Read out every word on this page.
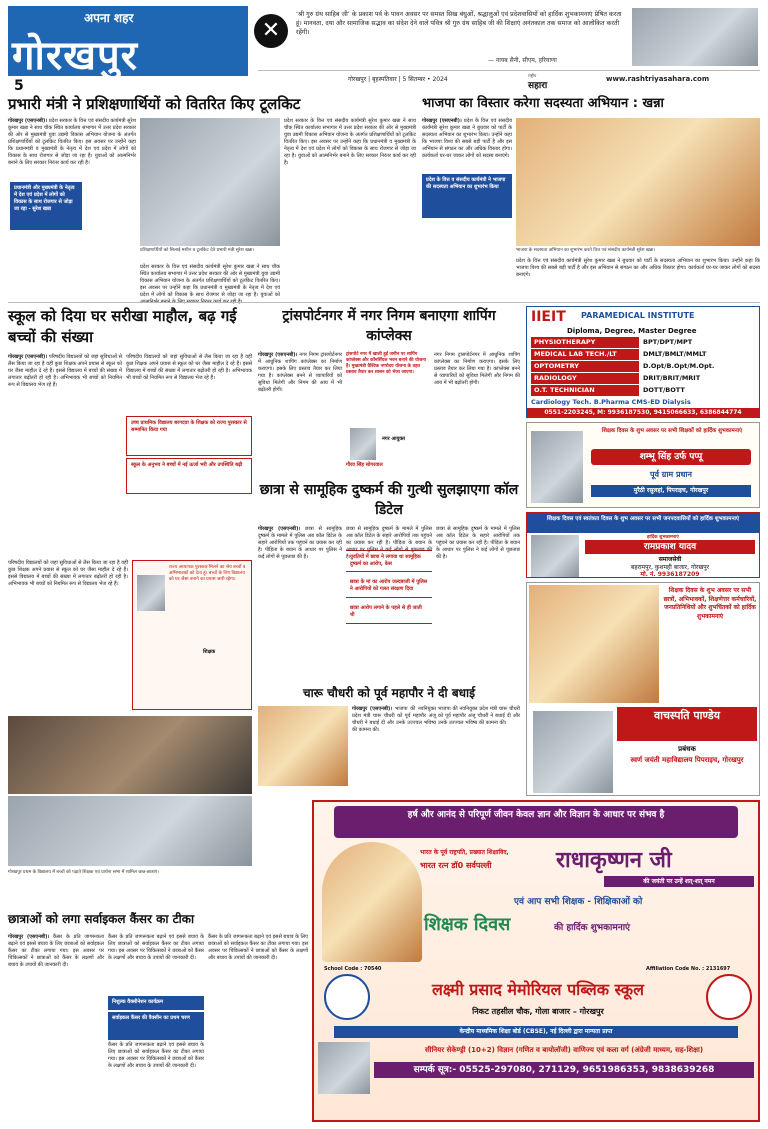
अपना शहर
गोरखपुर
5
✕
‘श्री गुरु ग्रंथ साहिब जी’ के प्रकाश पर्व के पावन अवसर पर समस्त सिख बंधुओं, श्रद्धालुओं एवं प्रदेशवासियों को हार्दिक शुभकामनाएं प्रेषित करता हूं। मानवता, दया और सामाजिक सद्भाव का संदेश देने वाले पवित्र श्री गुरु ग्रंथ साहिब जी की शिक्षाएं अनंतकाल तक समाज को आलोकित करती रहेंगी।
— नायब सैनी, सीएम, हरियाणा
गोरखपुर | बृहस्पतिवार | 5 सितम्बर • 2024
राष्ट्रीय
सहारा
www.rashtriyasahara.com
प्रभारी मंत्री ने प्रशिक्षणार्थियों को वितरित किए टूलकिट
गोरखपुर (एसएनबी)। प्रदेश सरकार के वित्त एवं संसदीय कार्यमंत्री सुरेश कुमार खन्ना ने साथ चौक स्थित कार्यालय सभागार में उत्तर प्रदेश सरकार की ओर से मुख्यमंत्री युवा उद्यमी विकास अभियान योजना के अंतर्गत प्रशिक्षणार्थियों को टूलकिट वितरित किए। इस अवसर पर उन्होंने कहा कि प्रधानमंत्री व मुख्यमंत्री के नेतृत्व में देश एवं प्रदेश में लोगों को विकास के साथ रोजगार से जोड़ा जा रहा है। युवाओं को आत्मनिर्भर बनाने के लिए सरकार निरंतर कार्य कर रही है।
प्रधानमंत्री और मुख्यमंत्री के नेतृत्व में देश एवं प्रदेश में लोगों को विकास के साथ रोजगार से जोड़ा जा रहा - सुरेश खन्ना
प्रशिक्षणार्थियों को सिलाई मशीन व टूलकिट देते प्रभारी मंत्री सुरेश खन्ना।
प्रदेश सरकार के वित्त एवं संसदीय कार्यमंत्री सुरेश कुमार खन्ना ने साथ चौक स्थित कार्यालय सभागार में उत्तर प्रदेश सरकार की ओर से मुख्यमंत्री युवा उद्यमी विकास अभियान योजना के अंतर्गत प्रशिक्षणार्थियों को टूलकिट वितरित किए। इस अवसर पर उन्होंने कहा कि प्रधानमंत्री व मुख्यमंत्री के नेतृत्व में देश एवं प्रदेश में लोगों को विकास के साथ रोजगार से जोड़ा जा रहा है। युवाओं को आत्मनिर्भर बनाने के लिए सरकार निरंतर कार्य कर रही है।
प्रदेश सरकार के वित्त एवं संसदीय कार्यमंत्री सुरेश कुमार खन्ना ने साथ चौक स्थित कार्यालय सभागार में उत्तर प्रदेश सरकार की ओर से मुख्यमंत्री युवा उद्यमी विकास अभियान योजना के अंतर्गत प्रशिक्षणार्थियों को टूलकिट वितरित किए। इस अवसर पर उन्होंने कहा कि प्रधानमंत्री व मुख्यमंत्री के नेतृत्व में देश एवं प्रदेश में लोगों को विकास के साथ रोजगार से जोड़ा जा रहा है। युवाओं को
भाजपा का विस्तार करेगा सदस्यता अभियान : खन्ना
गोरखपुर (एसएनबी)। प्रदेश के वित्त एवं संसदीय कार्यमंत्री सुरेश कुमार खन्ना ने बुधवार को पार्टी के सदस्यता अभियान का शुभारंभ किया। उन्होंने कहा कि भाजपा विश्व की सबसे बड़ी पार्टी है और इस अभियान से संगठन का और अधिक विस्तार होगा। कार्यकर्ता घर-घर जाकर लोगों को सदस्य बनाएंगे।
प्रदेश के वित्त व संसदीय कार्यमंत्री ने भाजपा की सदस्यता अभियान का शुभारंभ किया
भाजपा के सदस्यता अभियान का शुभारंभ करते वित्त एवं संसदीय कार्यमंत्री सुरेश खन्ना।
प्रदेश के वित्त एवं संसदीय कार्यमंत्री सुरेश कुमार खन्ना ने बुधवार को पार्टी के सदस्यता अभियान का शुभारंभ किया। उन्होंने कहा कि भाजपा विश्व की सबसे बड़ी पार्टी है और इस अभियान से संगठन का और अधिक विस्तार होगा। कार्यकर्ता घर-घर जाकर लोगों को सदस्य बनाएंगे।
स्कूल को दिया घर सरीखा माहौल, बढ़ गई बच्चों की संख्या
गोरखपुर (एसएनबी)। परिषदीय विद्यालयों को जहां सुविधाओं से लैस किया जा रहा है वहीं कुछ शिक्षक अपने प्रयास से स्कूल को घर जैसा माहौल दे रहे हैं। इससे विद्यालय में बच्चों की संख्या में लगातार बढ़ोतरी हो रही है। अभिभावक भी बच्चों को नियमित रूप से विद्यालय भेज रहे हैं।
परिषदीय विद्यालयों को जहां सुविधाओं से लैस किया जा रहा है वहीं कुछ शिक्षक अपने प्रयास से स्कूल को घर जैसा माहौल दे रहे हैं। इससे विद्यालय में बच्चों की संख्या में लगातार बढ़ोतरी हो रही है। अभिभावक भी बच्चों को नियमित रूप से विद्यालय भेज रहे हैं।
उच्च प्राथमिक विद्यालय बरगदवा के शिक्षक को राज्य पुरस्कार से सम्मानित किया गया
स्कूल के अनुभव ने बच्चों में नई ऊर्जा भरी और उपस्थिति बढ़ी
परिषदीय विद्यालयों को जहां सुविधाओं से लैस किया जा रहा है वहीं कुछ शिक्षक अपने प्रयास से स्कूल को घर जैसा माहौल दे रहे हैं। इससे विद्यालय में बच्चों की संख्या में लगातार बढ़ोतरी हो रही है। अभिभावक भी बच्चों को नियमित रूप से विद्यालय भेज रहे हैं।
राज्य अध्यापक पुरस्कार मिलने का श्रेय बच्चों व अभिभावकों को देता हूं। बच्चों के लिए विद्यालय को घर जैसा बनाने का प्रयास जारी रहेगा।
शिक्षक
गोरखपुर प्रथम के विद्यालय में बच्चों को पढ़ाते शिक्षक एवं प्रार्थना सभा में शामिल छात्र-छात्राएं।
ट्रांसपोर्टनगर में नगर निगम बनाएगा शापिंग कांप्लेक्स
गोरखपुर (एसएनबी)। नगर निगम ट्रांसपोर्टनगर में आधुनिक शापिंग कांप्लेक्स का निर्माण कराएगा। इसके लिए प्रस्ताव तैयार कर लिया गया है। कांप्लेक्स बनने से व्यापारियों को सुविधा मिलेगी और निगम की आय में भी बढ़ोतरी होगी।
ट्रांसपोर्ट नगर में खाली हुई जमीन पर शापिंग कांप्लेक्स और कॉमर्शियल भवन बनाने की योजना है। मुख्यमंत्री वैश्विक नगरोदय योजना के तहत प्रस्ताव तैयार कर शासन को भेजा जाएगा।
गौरव सिंह सोगरवाल
नगर आयुक्त
नगर निगम ट्रांसपोर्टनगर में आधुनिक शापिंग कांप्लेक्स का निर्माण कराएगा। इसके लिए प्रस्ताव तैयार कर लिया गया है। कांप्लेक्स बनने से व्यापारियों को सुविधा मिलेगी और निगम की आय में भी बढ़ोतरी होगी।
छात्रा से सामूहिक दुष्कर्म की गुत्थी सुलझाएगा कॉल डिटेल
गोरखपुर (एसएनबी)। छात्रा से सामूहिक दुष्कर्म के मामले में पुलिस अब कॉल डिटेल के सहारे आरोपियों तक पहुंचने का प्रयास कर रही है। पीड़िता के बयान के आधार पर पुलिस ने कई लोगों से पूछताछ की है।	युवतियों में छात्रा ने लगाया था सामूहिक दुष्कर्म का आरोप, केस
छात्रा के मां का आरोप जल्दबाजी में पुलिस ने आरोपियों को गलत संरक्षण दिया
छात्रा आरोप लगाने के पहले से ही जाती थी
छात्रा से सामूहिक दुष्कर्म के मामले में पुलिस अब कॉल डिटेल के सहारे आरोपियों तक पहुंचने का प्रयास कर रही है। पीड़िता के बयान के आधार पर पुलिस ने कई लोगों से पूछताछ की है।
छात्रा से सामूहिक दुष्कर्म के मामले में पुलिस अब कॉल डिटेल के सहारे आरोपियों तक पहुंचने का प्रयास कर रही है। पीड़िता के बयान के आधार पर पुलिस ने कई लोगों से पूछताछ की है।
चारू चौधरी को पूर्व महापौर ने दी बधाई
गोरखपुर (एसएनबी)। भाजपा की नवनियुक्त प्रदेश मंत्री चारू चौधरी को पूर्व महापौर अंजू चौधरी ने बधाई दी और उनके उज्ज्वल भविष्य की कामना की।
भाजपा की नवनियुक्त प्रदेश मंत्री चारू चौधरी को पूर्व महापौर अंजू चौधरी ने बधाई दी और उनके उज्ज्वल भविष्य की कामना की।
IIEIT PARAMEDICAL INSTITUTE
Diploma, Degree, Master Degree
PHYSIOTHERAPY	BPT/DPT/MPT
MEDICAL LAB TECH./LT	DMLT/BMLT/MMLT
OPTOMETRY	D.Opt/B.Opt/M.Opt.
RADIOLOGY	DRIT/BRIT/MRIT
O.T. TECHNICIAN	DOTT/BOTT
Cardiology Tech. B.Pharma CMS-ED Dialysis
0551-2203245, M: 9936187530, 9415066633, 6386844774
शिक्षक दिवस के शुभ अवसर पर सभी शिक्षकों को हार्दिक शुभकामनाएं
शम्भू सिंह उर्फ पप्पू
पूर्व ग्राम प्रधान
मुरैठी रसुलहां, पिपराइच, गोरखपुर
शिक्षक दिवस एवं स्वतंत्रता दिवस के शुभ अवसर पर सभी जनपदवासियों को हार्दिक शुभकामनाएं
हार्दिक शुभकामनाएं
रामप्रकाश यादव
समाजसेवी
बहरामपुर, कुशमही बाजार, गोरखपुर
मो. नं. 9936187209
शिक्षक दिवस के शुभ अवसर पर सभी छात्रों, अभिभावकों, शिक्षणेत्तर कर्मचारियों, जनप्रतिनिधियों और शुभचिंतकों को हार्दिक शुभकामनाएं
वाचस्पति पाण्डेय
प्रबंधक
स्वर्ण जयंती महाविद्यालय पिपराइच, गोरखपुर
छात्राओं को लगा सर्वाइकल कैंसर का टीका
गोरखपुर (एसएनबी)। कैंसर के प्रति जागरूकता बढ़ाने एवं इससे बचाव के लिए छात्राओं को सर्वाइकल कैंसर का टीका लगाया गया। इस अवसर पर चिकित्सकों ने छात्राओं को कैंसर के लक्षणों और बचाव के उपायों की जानकारी दी।
कैंसर के प्रति जागरूकता बढ़ाने एवं इससे बचाव के लिए छात्राओं को सर्वाइकल कैंसर का टीका लगाया गया। इस अवसर पर चिकित्सकों ने छात्राओं को कैंसर के लक्षणों और बचाव के उपायों की जानकारी दी।
निशुल्क वैक्सीनेशन कार्यक्रम
सर्वाइकल कैंसर की वैक्सीन का प्रथम चरण
कैंसर के प्रति जागरूकता बढ़ाने एवं इससे बचाव के लिए छात्राओं को सर्वाइकल कैंसर का टीका लगाया गया। इस अवसर पर चिकित्सकों ने छात्राओं को कैंसर के लक्षणों और बचाव के उपायों की जानकारी दी।
कैंसर के प्रति जागरूकता बढ़ाने एवं इससे बचाव के लिए छात्राओं को सर्वाइकल कैंसर का टीका लगाया गया। इस अवसर पर चिकित्सकों ने छात्राओं को कैंसर के लक्षणों और बचाव के उपायों की जानकारी दी।
हर्ष और आनंद से परिपूर्ण जीवन केवल ज्ञान और विज्ञान के आधार पर संभव है
भारत के पूर्व राष्ट्रपति, प्रख्यात शिक्षाविद,
भारत रत्न डॉ0 सर्वपल्ली	राधाकृष्णन जी
की जयंती पर उन्हें शत्-शत् नमन
एवं आप सभी शिक्षक - शिक्षिकाओं को
शिक्षक दिवस	की हार्दिक शुभकामनाएं
School Code : 70540	Affiliation Code No. : 2131697
लक्ष्मी प्रसाद मेमोरियल पब्लिक स्कूल
निकट तहसील चौक, गोला बाजार – गोरखपुर
केन्द्रीय माध्यमिक शिक्षा बोर्ड (CBSE), नई दिल्ली द्वारा मान्यता प्राप्त
सीनियर सेकेण्ड्री (10+2) विज्ञान (गणित व बायोलॉजी) वाणिज्य एवं कला वर्ग (अंग्रेजी माध्यम, सह-शिक्षा)
सम्पर्क सूत्र:- 05525-297080, 271129, 9651986353, 9838639268
